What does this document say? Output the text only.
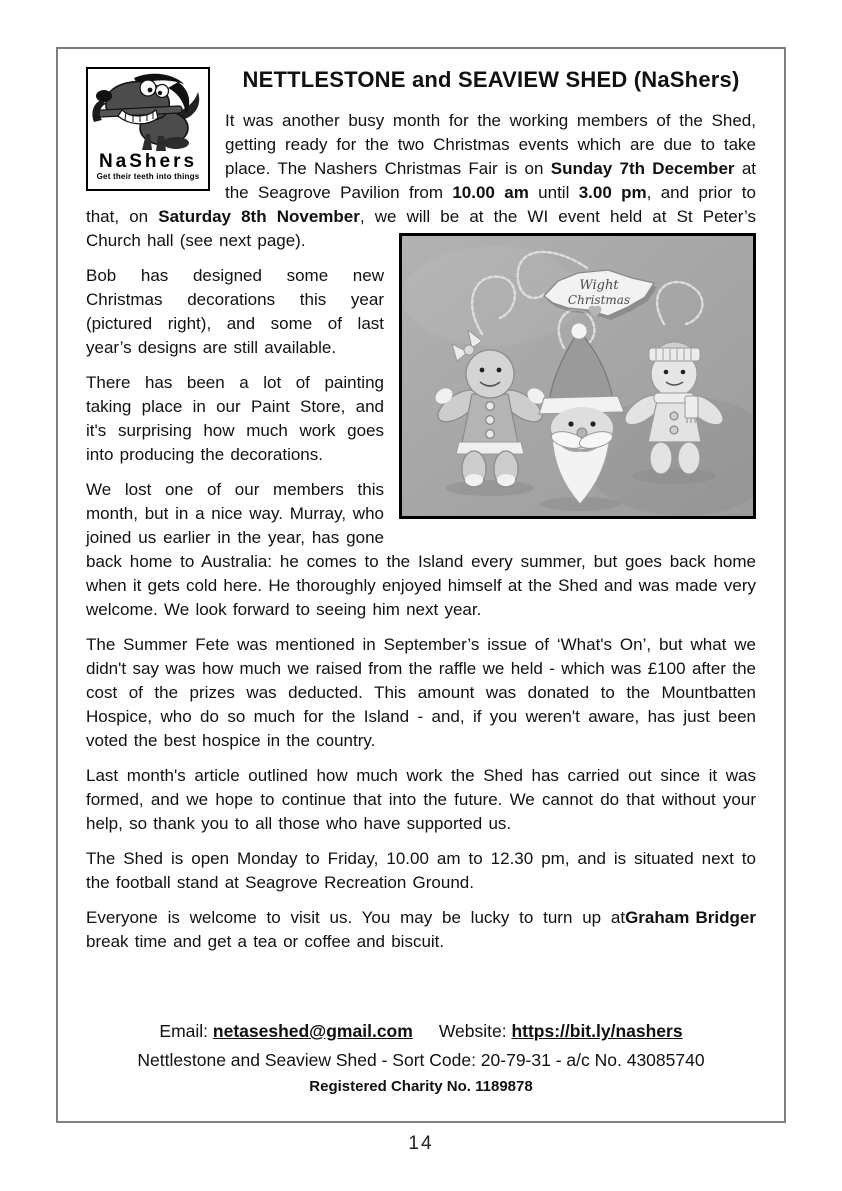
NaShers
Get their teeth into things
NETTLESTONE and SEAVIEW SHED (NaShers)

It was another busy month for the working members of the Shed, getting ready for the two Christmas events which are due to take place. The Nashers Christmas Fair is on Sunday 7th December at the Seagrove Pavilion from 10.00 am until 3.00 pm, and prior to that, on Saturday 8th November, we will be at the
Wight
Christmas
WI event held at St Peter’s Church hall (see next page).

Bob has designed some new Christmas decorations this year (pictured right), and some of last year’s designs are still available.

There has been a lot of painting taking place in our Paint Store, and it's surprising how much work goes into producing the decorations.

We lost one of our members this month, but in a nice way. Murray, who joined us earlier in the year, has gone back home to Australia: he comes to the Island every summer, but goes back home when it gets cold here. He thoroughly enjoyed himself at the Shed and was made very welcome. We look forward to seeing him next year.

The Summer Fete was mentioned in September’s issue of ‘What's On’, but what we didn't say was how much we raised from the raffle we held - which was £100 after the cost of the prizes was deducted. This amount was donated to the Mountbatten Hospice, who do so much for the Island - and, if you weren't aware, has just been voted the best hospice in the country.

Last month's article outlined how much work the Shed has carried out since it was formed, and we hope to continue that into the future. We cannot do that without your help, so thank you to all those who have supported us.

The Shed is open Monday to Friday, 10.00 am to 12.30 pm, and is situated next to the football stand at Seagrove Recreation Ground.

Graham Bridger
Everyone is welcome to visit us. You may be lucky to turn up at break time and get a tea or coffee and biscuit.

Email: netaseshed@gmail.com Website: https://bit.ly/nashers
Nettlestone and Seaview Shed - Sort Code: 20-79-31 - a/c No. 43085740
Registered Charity No. 1189878
14
